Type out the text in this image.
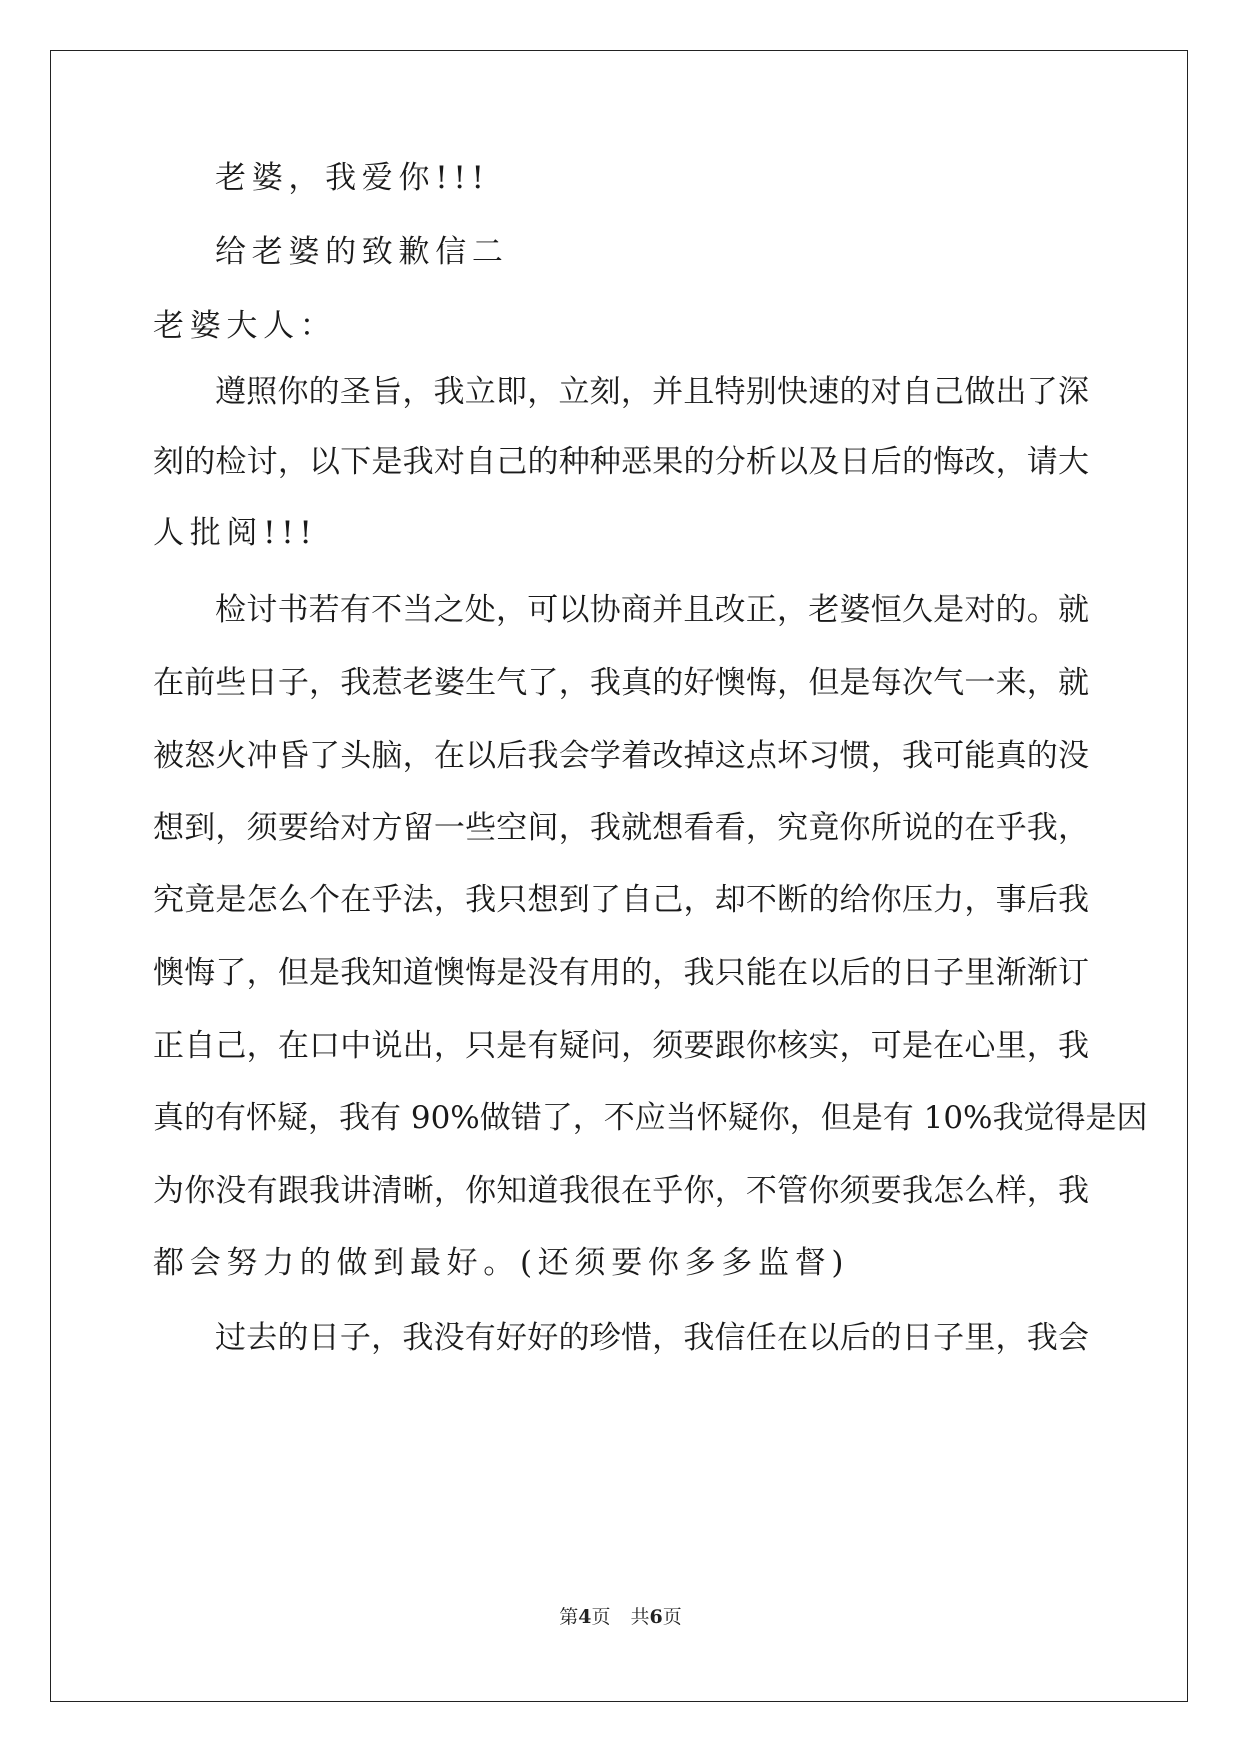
老婆，我爱你!!!
给老婆的致歉信二
老婆大人：
遵照你的圣旨，我立即，立刻，并且特别快速的对自己做出了深
刻的检讨，以下是我对自己的种种恶果的分析以及日后的悔改，请大
人批阅!!!
检讨书若有不当之处，可以协商并且改正，老婆恒久是对的。就
在前些日子，我惹老婆生气了，我真的好懊悔，但是每次气一来，就
被怒火冲昏了头脑，在以后我会学着改掉这点坏习惯，我可能真的没
想到，须要给对方留一些空间，我就想看看，究竟你所说的在乎我，
究竟是怎么个在乎法，我只想到了自己，却不断的给你压力，事后我
懊悔了，但是我知道懊悔是没有用的，我只能在以后的日子里渐渐订
正自己，在口中说出，只是有疑问，须要跟你核实，可是在心里，我
真的有怀疑，我有 90%做错了，不应当怀疑你，但是有 10%我觉得是因
为你没有跟我讲清晰，你知道我很在乎你，不管你须要我怎么样，我
都会努力的做到最好。(还须要你多多监督)
过去的日子，我没有好好的珍惜，我信任在以后的日子里，我会
第4页 共6页
